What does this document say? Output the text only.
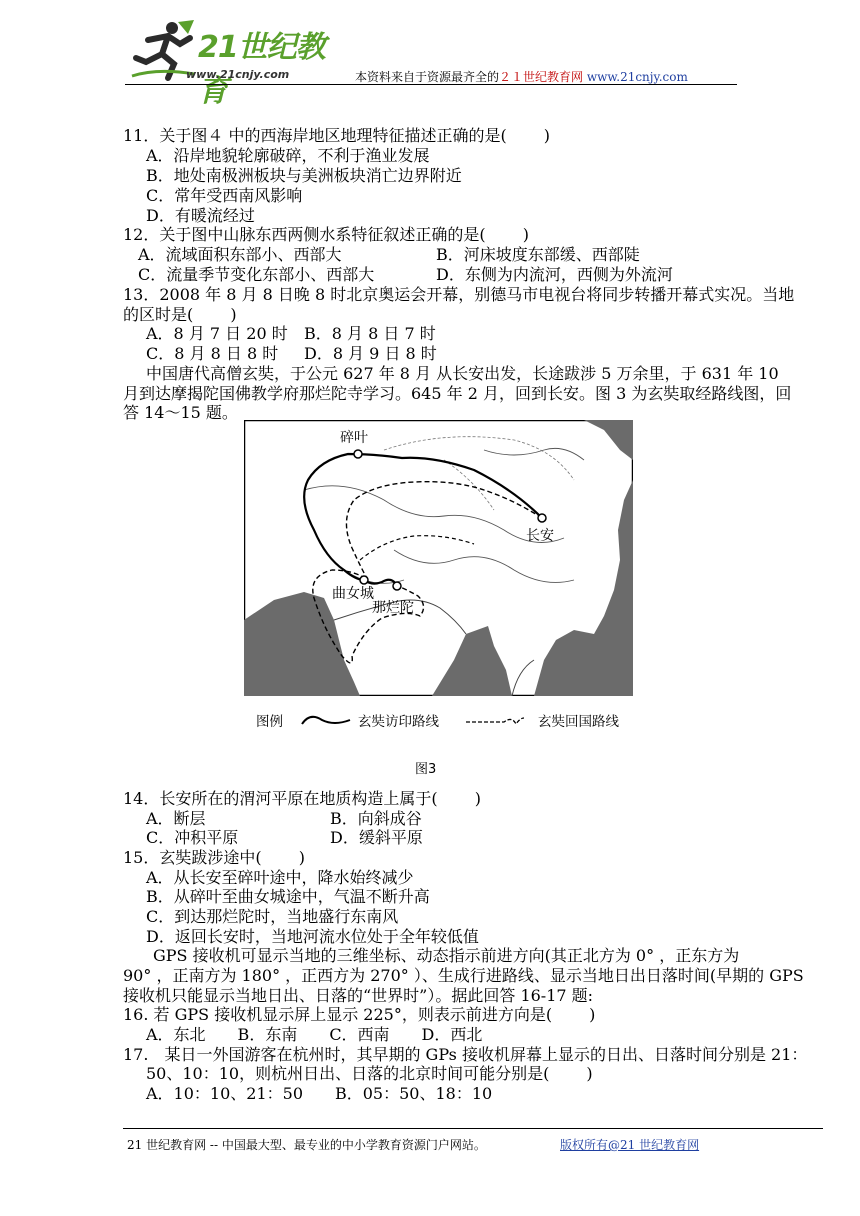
21世纪教育
www.21cnjy.com	本资料来自于资源最齐全的２１世纪教育网 www.21cnjy.com
11．关于图４ 中的西海岸地区地理特征描述正确的是(　　 )
A．沿岸地貌轮廓破碎，不利于渔业发展
B．地处南极洲板块与美洲板块消亡边界附近
C．常年受西南风影响
D．有暖流经过
12．关于图中山脉东西两侧水系特征叙述正确的是(　　 )
A．流域面积东部小、西部大	B．河床坡度东部缓、西部陡
C．流量季节变化东部小、西部大	D．东侧为内流河，西侧为外流河
13．2008 年 8 月 8 日晚 8 时北京奥运会开幕，别德马市电视台将同步转播开幕式实况。当地
的区时是(　　 )
A．8 月 7 日 20 时 B．8 月 8 日 7 时
C．8 月 8 日 8 时 D．8 月 9 日 8 时
中国唐代高僧玄奘，于公元 627 年 8 月 从长安出发，长途跋涉 5 万余里，于 631 年 10
月到达摩揭陀国佛教学府那烂陀寺学习。645 年 2 月，回到长安。图 3 为玄奘取经路线图，回
答 14～15 题。
碎叶
长安
曲女城
那烂陀
图例	玄奘访印路线	玄奘回国路线
图3
14．长安所在的渭河平原在地质构造上属于(　　 )
A．断层	B．向斜成谷
C．冲积平原	D．缓斜平原
15．玄奘跋涉途中(　　 )
A．从长安至碎叶途中，降水始终减少
B．从碎叶至曲女城途中，气温不断升高
C．到达那烂陀时，当地盛行东南风
D．返回长安时，当地河流水位处于全年较低值
GPS 接收机可显示当地的三维坐标、动态指示前进方向(其正北方为 0° ，正东方为
90° ，正南方为 180° ，正西方为 270° ）、生成行进路线、显示当地日出日落时间(早期的 GPS
接收机只能显示当地日出、日落的“世界时”）。据此回答 16-17 题:
16. 若 GPS 接收机显示屏上显示 225°，则表示前进方向是(　　 )
A．东北　　B．东南　　C．西南　　D．西北
17.　某日一外国游客在杭州时，其早期的 GPs 接收机屏幕上显示的日出、日落时间分别是 21：
50、10：10，则杭州日出、日落的北京时间可能分别是(　　 )
A．10：10、21：50　　B．05：50、18：10
21 世纪教育网 -- 中国最大型、最专业的中小学教育资源门户网站。	版权所有@21 世纪教育网
